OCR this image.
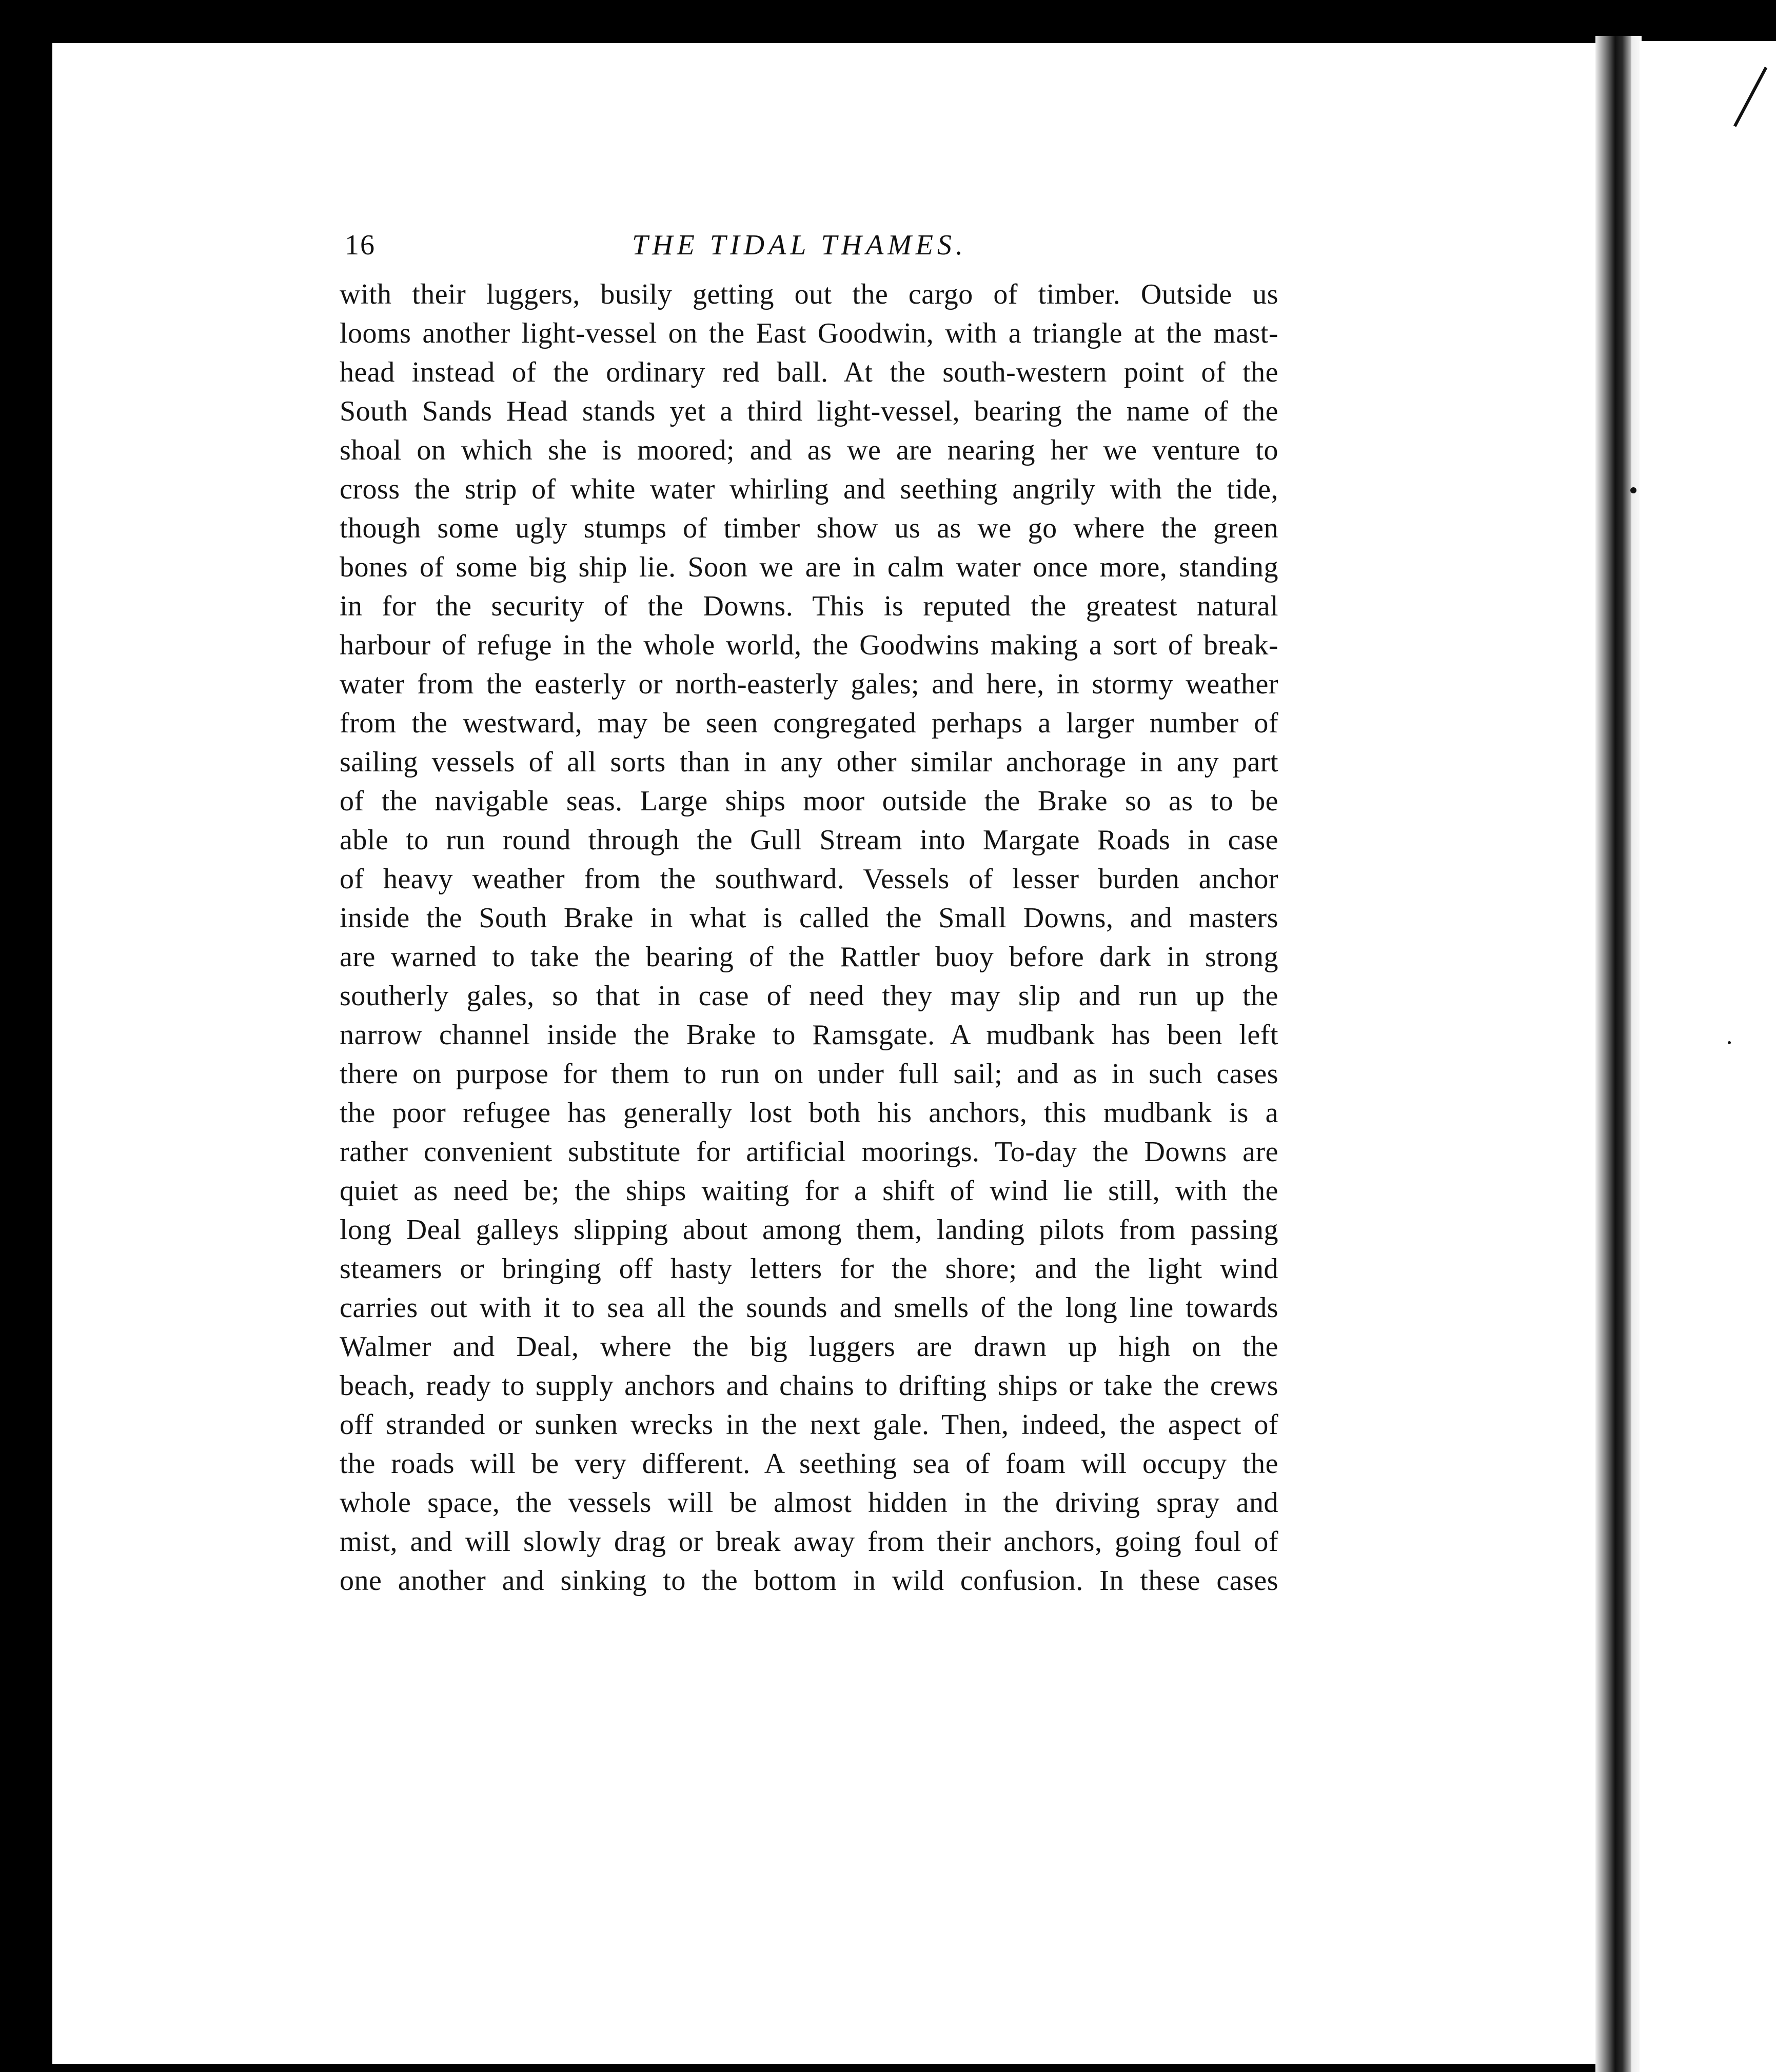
16	THE TIDAL THAMES.
with their luggers, busily getting out the cargo of timber. Outside us
looms another light-vessel on the East Goodwin, with a triangle at the mast-
head instead of the ordinary red ball. At the south-western point of the
South Sands Head stands yet a third light-vessel, bearing the name of the
shoal on which she is moored; and as we are nearing her we venture to
cross the strip of white water whirling and seething angrily with the tide,
though some ugly stumps of timber show us as we go where the green
bones of some big ship lie. Soon we are in calm water once more, standing
in for the security of the Downs. This is reputed the greatest natural
harbour of refuge in the whole world, the Goodwins making a sort of break-
water from the easterly or north-easterly gales; and here, in stormy weather
from the westward, may be seen congregated perhaps a larger number of
sailing vessels of all sorts than in any other similar anchorage in any part
of the navigable seas. Large ships moor outside the Brake so as to be
able to run round through the Gull Stream into Margate Roads in case
of heavy weather from the southward. Vessels of lesser burden anchor
inside the South Brake in what is called the Small Downs, and masters
are warned to take the bearing of the Rattler buoy before dark in strong
southerly gales, so that in case of need they may slip and run up the
narrow channel inside the Brake to Ramsgate. A mudbank has been left
there on purpose for them to run on under full sail; and as in such cases
the poor refugee has generally lost both his anchors, this mudbank is a
rather convenient substitute for artificial moorings. To-day the Downs are
quiet as need be; the ships waiting for a shift of wind lie still, with the
long Deal galleys slipping about among them, landing pilots from passing
steamers or bringing off hasty letters for the shore; and the light wind
carries out with it to sea all the sounds and smells of the long line towards
Walmer and Deal, where the big luggers are drawn up high on the
beach, ready to supply anchors and chains to drifting ships or take the crews
off stranded or sunken wrecks in the next gale. Then, indeed, the aspect of
the roads will be very different. A seething sea of foam will occupy the
whole space, the vessels will be almost hidden in the driving spray and
mist, and will slowly drag or break away from their anchors, going foul of
one another and sinking to the bottom in wild confusion. In these cases
